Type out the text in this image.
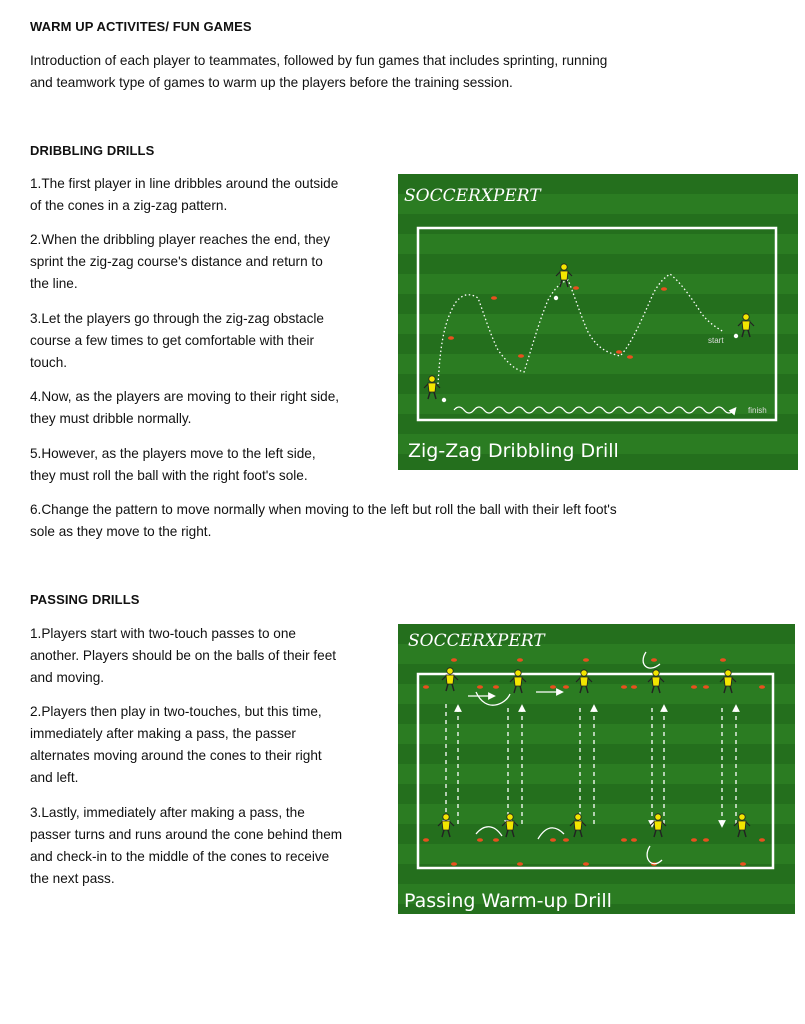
WARM UP ACTIVITES/ FUN GAMES

Introduction of each player to teammates, followed by fun games that includes sprinting, running
and teamwork type of games to warm up the players before the training session.

DRIBBLING DRILLS

1.The first player in line dribbles around the outside
of the cones in a zig-zag pattern.

2.When the dribbling player reaches the end, they
sprint the zig-zag course's distance and return to
the line.

3.Let the players go through the zig-zag obstacle
course a few times to get comfortable with their
touch.

4.Now, as the players are moving to their right side,
they must dribble normally.

5.However, as the players move to the left side,
they must roll the ball with the right foot's sole.

6.Change the pattern to move normally when moving to the left but roll the ball with their left foot's
sole as they move to the right.

SOCCERXPERT
start
finish
Zig-Zag Dribbling Drill
PASSING DRILLS

1.Players start with two-touch passes to one
another. Players should be on the balls of their feet
and moving.

2.Players then play in two-touches, but this time,
immediately after making a pass, the passer
alternates moving around the cones to their right
and left.

3.Lastly, immediately after making a pass, the
passer turns and runs around the cone behind them
and check-in to the middle of the cones to receive
the next pass.

SOCCERXPERT
Passing Warm-up Drill
